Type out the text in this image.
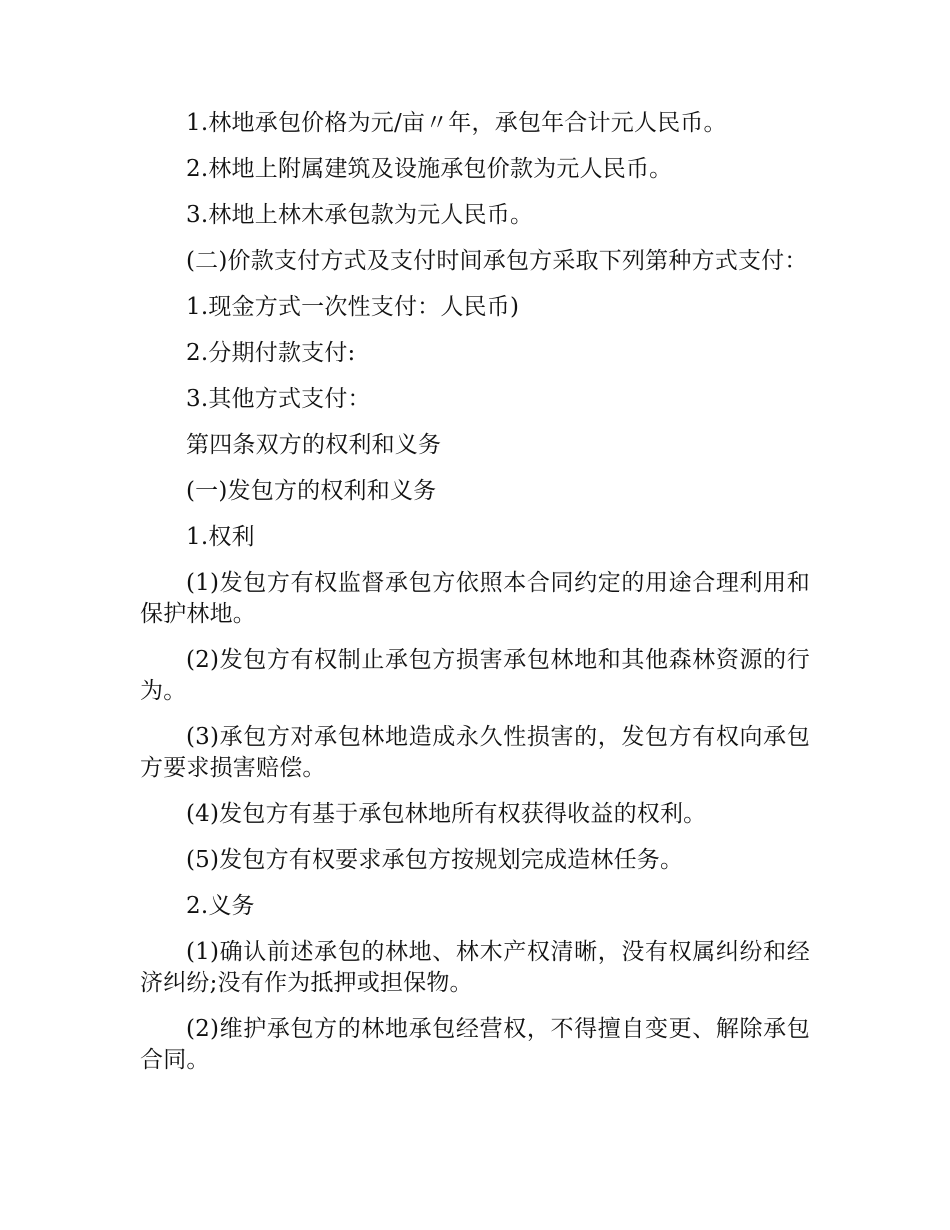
1.林地承包价格为元/亩〃年，承包年合计元人民币。

2.林地上附属建筑及设施承包价款为元人民币。

3.林地上林木承包款为元人民币。

(二)价款支付方式及支付时间承包方采取下列第种方式支付：

1.现金方式一次性支付：人民币)

2.分期付款支付:

3.其他方式支付：

第四条双方的权利和义务

(一)发包方的权利和义务

1.权利

(1)发包方有权监督承包方依照本合同约定的用途合理利用和保护林地。

(2)发包方有权制止承包方损害承包林地和其他森林资源的行为。

(3)承包方对承包林地造成永久性损害的，发包方有权向承包方要求损害赔偿。

(4)发包方有基于承包林地所有权获得收益的权利。

(5)发包方有权要求承包方按规划完成造林任务。

2.义务

(1)确认前述承包的林地、林木产权清晰，没有权属纠纷和经济纠纷;没有作为抵押或担保物。

(2)维护承包方的林地承包经营权，不得擅自变更、解除承包合同。
